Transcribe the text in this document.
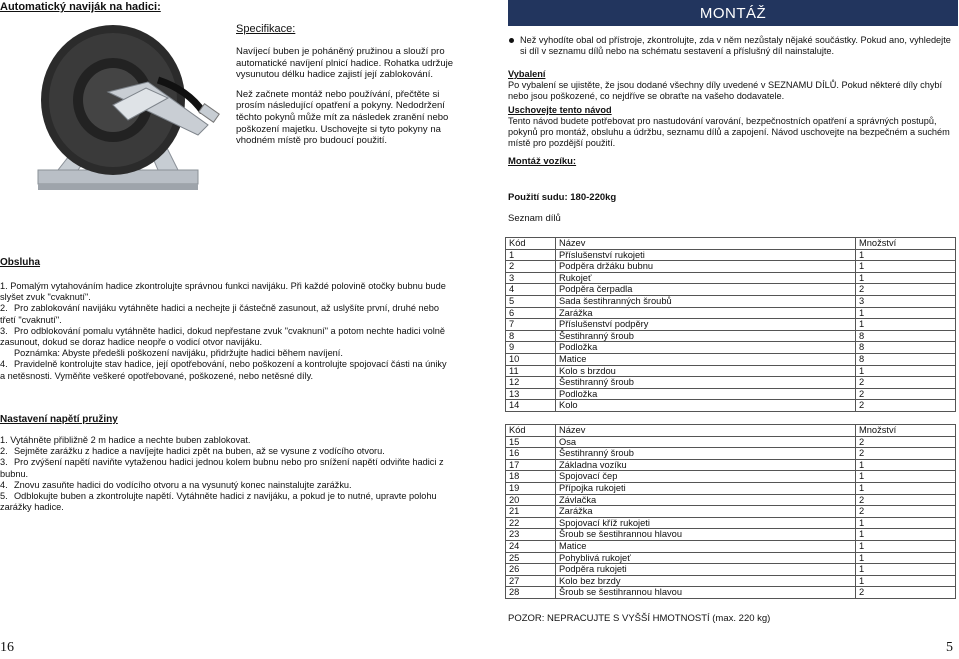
Automatický naviják na hadici:
Specifikace:

Navíjecí buben je poháněný pružinou a slouží pro automatické navíjení plnicí hadice. Rohatka udržuje vysunutou délku hadice zajistí její zablokování.

Než začnete montáž nebo používání, přečtěte si prosím následující opatření a pokyny. Nedodržení těchto pokynů může mít za následek zranění nebo poškození majetku. Uschovejte si tyto pokyny na vhodném místě pro budoucí použití.

Obsluha
1. Pomalým vytahováním hadice zkontrolujte správnou funkci navijáku. Při každé polovině otočky bubnu bude slyšet zvuk "cvaknutí".
2. Pro zablokování navijáku vytáhněte hadici a nechejte ji částečně zasunout, až uslyšíte první, druhé nebo třetí "cvaknutí".
3. Pro odblokování pomalu vytáhněte hadici, dokud nepřestane zvuk "cvaknuní" a potom nechte hadici volně zasunout, dokud se doraz hadice neopře o vodicí otvor navijáku.
Poznámka: Abyste předešli poškození navijáku, přidržujte hadici během navíjení.
4. Pravidelně kontrolujte stav hadice, její opotřebování, nebo poškození a kontrolujte spojovací části na úniky a netěsnosti. Vyměňte veškeré opotřebované, poškozené, nebo netěsné díly.
Nastavení napětí pružiny
1. Vytáhněte přibližně 2 m hadice a nechte buben zablokovat.
2. Sejměte zarážku z hadice a navíjejte hadici zpět na buben, až se vysune z vodícího otvoru.
3. Pro zvýšení napětí naviňte vytaženou hadici jednou kolem bubnu nebo pro snížení napětí odviňte hadici z bubnu.
4. Znovu zasuňte hadici do vodícího otvoru a na vysunutý konec nainstalujte zarážku.
5. Odblokujte buben a zkontrolujte napětí. Vytáhněte hadici z navijáku, a pokud je to nutné, upravte polohu zarážky hadice.
16
MONTÁŽ
Než vyhodíte obal od přístroje, zkontrolujte, zda v něm nezůstaly nějaké součástky. Pokud ano, vyhledejte si díl v seznamu dílů nebo na schématu sestavení a příslušný díl nainstalujte.

Vybalení

Po vybalení se ujistěte, že jsou dodané všechny díly uvedené v SEZNAMU DÍLŮ. Pokud některé díly chybí nebo jsou poškozené, co nejdříve se obraťte na vašeho dodavatele.

Uschovejte tento návod

Tento návod budete potřebovat pro nastudování varování, bezpečnostních opatření a správných postupů, pokynů pro montáž, obsluhu a údržbu, seznamu dílů a zapojení. Návod uschovejte na bezpečném a suchém místě pro pozdější použití.

Montáž vozíku:
Použití sudu: 180-220kg
Seznam dílů
Kód	Název	Množství
1	Příslušenství rukojeti	1
2	Podpěra držáku bubnu	1
3	Rukojeť	1
4	Podpěra čerpadla	2
5	Sada šestihranných šroubů	3
6	Zarážka	1
7	Příslušenství podpěry	1
8	Šestihranný šroub	8
9	Podložka	8
10	Matice	8
11	Kolo s brzdou	1
12	Šestihranný šroub	2
13	Podložka	2
14	Kolo	2
Kód	Název	Množství
15	Osa	2
16	Šestihranný šroub	2
17	Základna vozíku	1
18	Spojovací čep	1
19	Přípojka rukojeti	1
20	Závlačka	2
21	Zarážka	2
22	Spojovací kříž rukojeti	1
23	Šroub se šestihrannou hlavou	1
24	Matice	1
25	Pohyblivá rukojeť	1
26	Podpěra rukojeti	1
27	Kolo bez brzdy	1
28	Šroub se šestihrannou hlavou	2
POZOR: NEPRACUJTE S VYŠŠÍ HMOTNOSTÍ (max. 220 kg)
5
